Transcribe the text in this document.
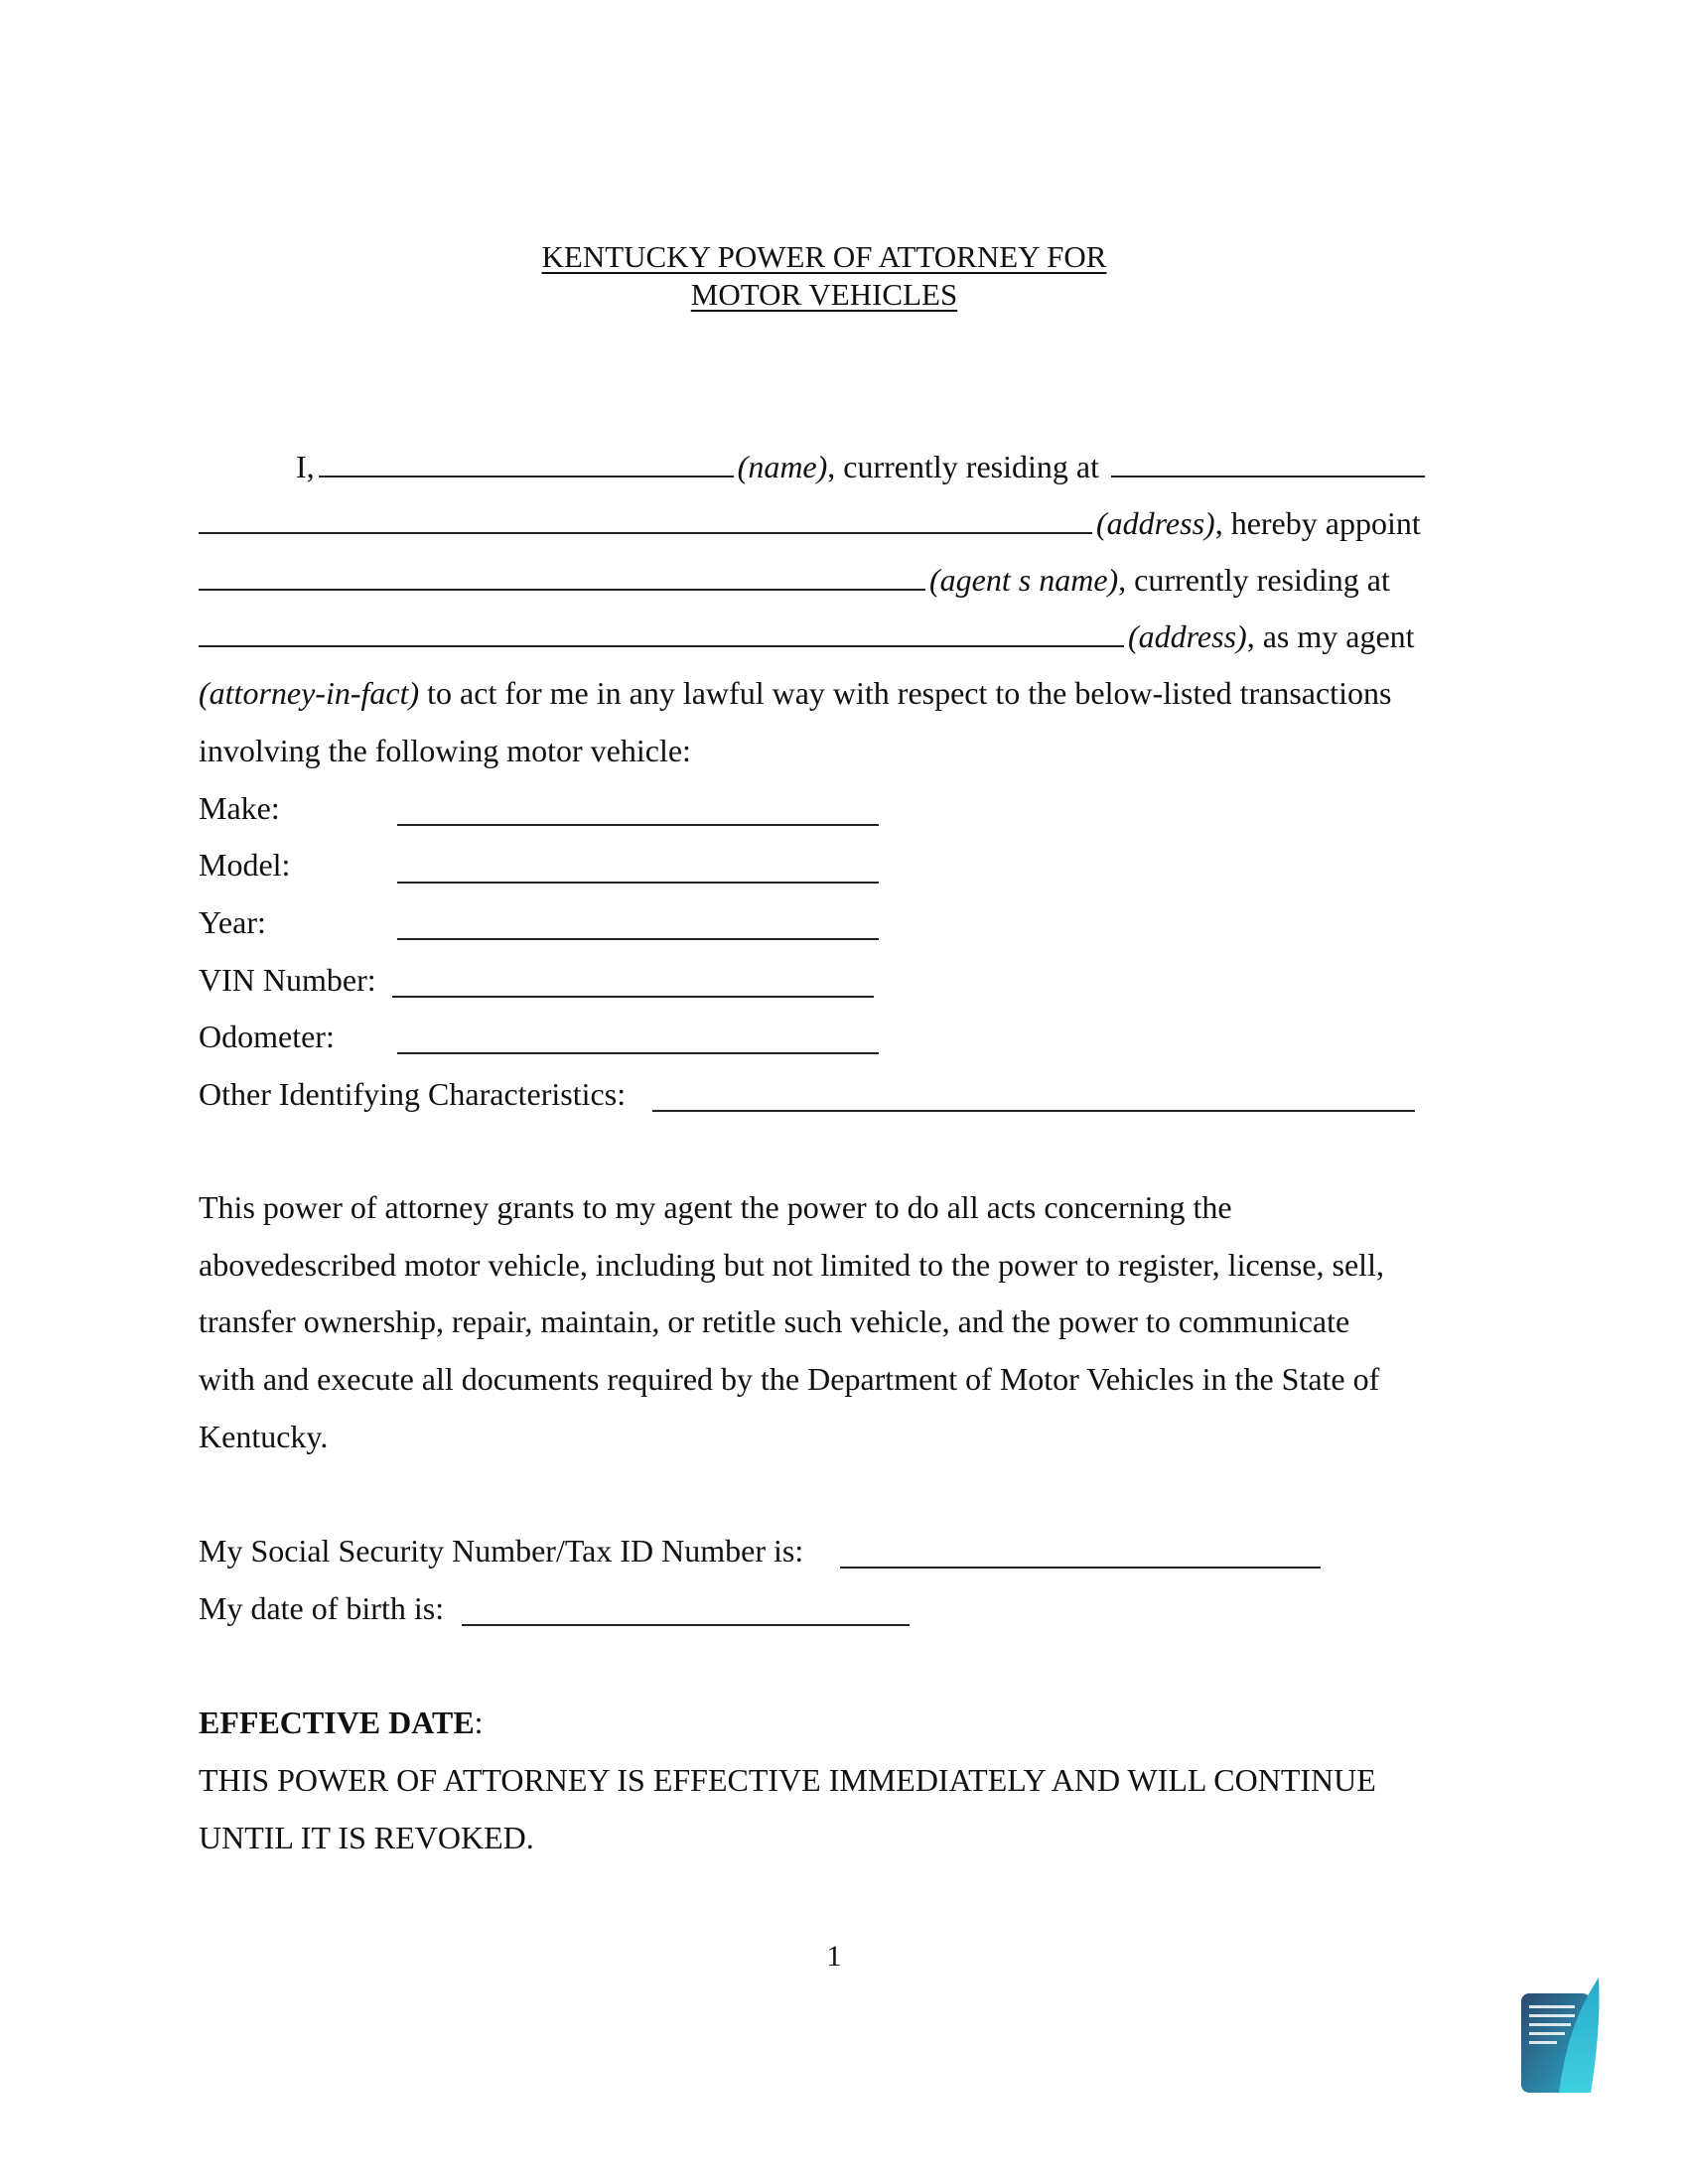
KENTUCKY POWER OF ATTORNEY FOR
MOTOR VEHICLES
I,	(name), currently residing at
(address), hereby appoint
(agent s name), currently residing at
(address), as my agent
(attorney-in-fact) to act for me in any lawful way with respect to the below-listed transactions
involving the following motor vehicle:
Make:
Model:
Year:
VIN Number:
Odometer:
Other Identifying Characteristics:
This power of attorney grants to my agent the power to do all acts concerning the
abovedescribed motor vehicle, including but not limited to the power to register, license, sell,
transfer ownership, repair, maintain, or retitle such vehicle, and the power to communicate
with and execute all documents required by the Department of Motor Vehicles in the State of
Kentucky.
My Social Security Number/Tax ID Number is:
My date of birth is:
EFFECTIVE DATE:
THIS POWER OF ATTORNEY IS EFFECTIVE IMMEDIATELY AND WILL CONTINUE
UNTIL IT IS REVOKED.
1
